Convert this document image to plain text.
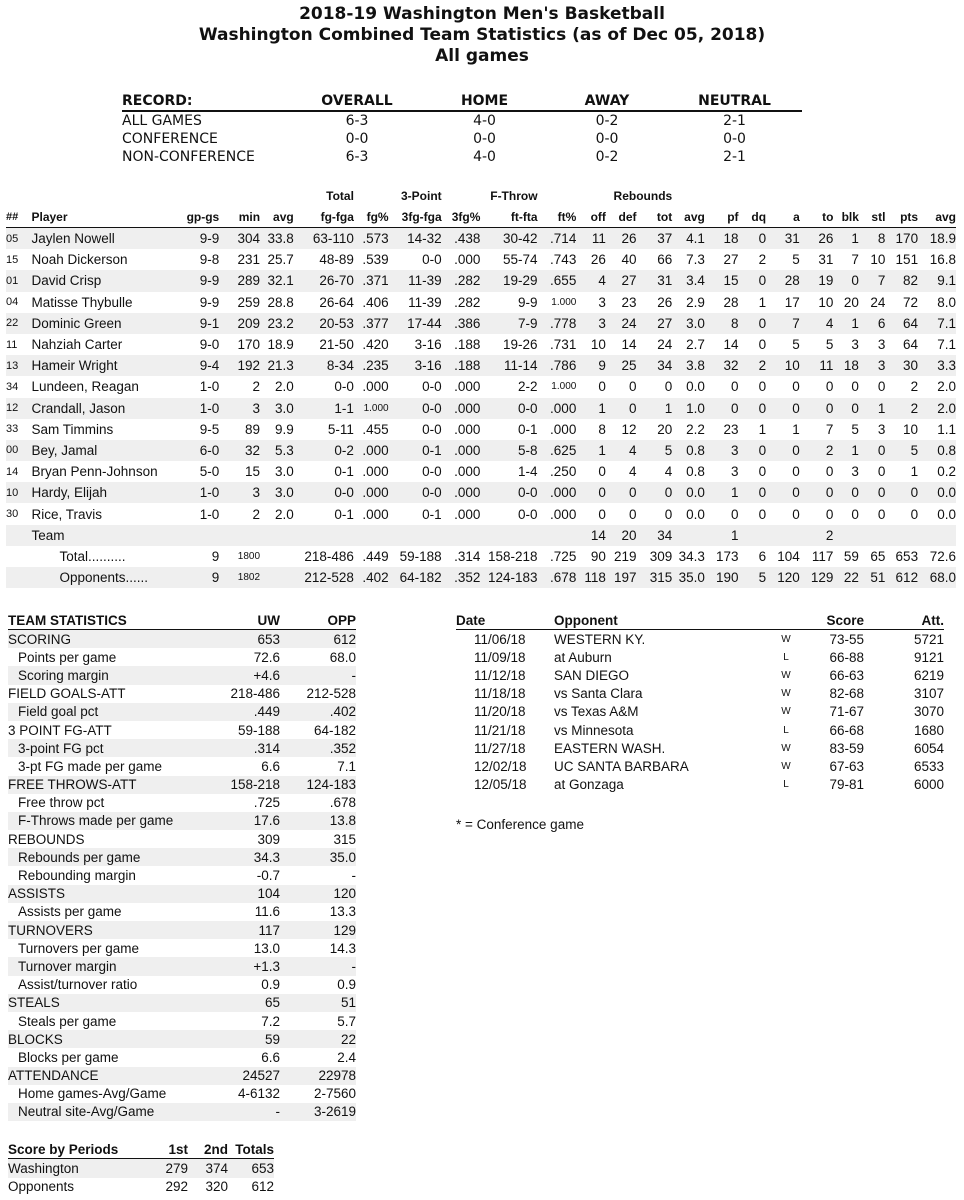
2018-19 Washington Men's Basketball
Washington Combined Team Statistics (as of Dec 05, 2018)
All games
RECORD:	OVERALL	HOME	AWAY	NEUTRAL
ALL GAMES	6-3	4-0	0-2	2-1
CONFERENCE	0-0	0-0	0-0	0-0
NON-CONFERENCE	6-3	4-0	0-2	2-1
					Total		3-Point		F-Throw		Rebounds											
##	Player	gp-gs	min	avg	fg-fga	fg%	3fg-fga	3fg%	ft-fta	ft%	off	def	tot	avg	pf	dq	a	to	blk	stl	pts	avg
05	Jaylen Nowell	9-9	304	33.8	63-110	.573	14-32	.438	30-42	.714	11	26	37	4.1	18	0	31	26	1	8	170	18.9
15	Noah Dickerson	9-8	231	25.7	48-89	.539	0-0	.000	55-74	.743	26	40	66	7.3	27	2	5	31	7	10	151	16.8
01	David Crisp	9-9	289	32.1	26-70	.371	11-39	.282	19-29	.655	4	27	31	3.4	15	0	28	19	0	7	82	9.1
04	Matisse Thybulle	9-9	259	28.8	26-64	.406	11-39	.282	9-9	1.000	3	23	26	2.9	28	1	17	10	20	24	72	8.0
22	Dominic Green	9-1	209	23.2	20-53	.377	17-44	.386	7-9	.778	3	24	27	3.0	8	0	7	4	1	6	64	7.1
11	Nahziah Carter	9-0	170	18.9	21-50	.420	3-16	.188	19-26	.731	10	14	24	2.7	14	0	5	5	3	3	64	7.1
13	Hameir Wright	9-4	192	21.3	8-34	.235	3-16	.188	11-14	.786	9	25	34	3.8	32	2	10	11	18	3	30	3.3
34	Lundeen, Reagan	1-0	2	2.0	0-0	.000	0-0	.000	2-2	1.000	0	0	0	0.0	0	0	0	0	0	0	2	2.0
12	Crandall, Jason	1-0	3	3.0	1-1	1.000	0-0	.000	0-0	.000	1	0	1	1.0	0	0	0	0	0	1	2	2.0
33	Sam Timmins	9-5	89	9.9	5-11	.455	0-0	.000	0-1	.000	8	12	20	2.2	23	1	1	7	5	3	10	1.1
00	Bey, Jamal	6-0	32	5.3	0-2	.000	0-1	.000	5-8	.625	1	4	5	0.8	3	0	0	2	1	0	5	0.8
14	Bryan Penn-Johnson	5-0	15	3.0	0-1	.000	0-0	.000	1-4	.250	0	4	4	0.8	3	0	0	0	3	0	1	0.2
10	Hardy, Elijah	1-0	3	3.0	0-0	.000	0-0	.000	0-0	.000	0	0	0	0.0	1	0	0	0	0	0	0	0.0
30	Rice, Travis	1-0	2	2.0	0-1	.000	0-1	.000	0-0	.000	0	0	0	0.0	0	0	0	0	0	0	0	0.0
	Team										14	20	34		1			2				
	Total..........	9	1800		218-486	.449	59-188	.314	158-218	.725	90	219	309	34.3	173	6	104	117	59	65	653	72.6
	Opponents......	9	1802		212-528	.402	64-182	.352	124-183	.678	118	197	315	35.0	190	5	120	129	22	51	612	68.0
TEAM STATISTICS	UW	OPP
SCORING	653	612
Points per game	72.6	68.0
Scoring margin	+4.6	-
FIELD GOALS-ATT	218-486	212-528
Field goal pct	.449	.402
3 POINT FG-ATT	59-188	64-182
3-point FG pct	.314	.352
3-pt FG made per game	6.6	7.1
FREE THROWS-ATT	158-218	124-183
Free throw pct	.725	.678
F-Throws made per game	17.6	13.8
REBOUNDS	309	315
Rebounds per game	34.3	35.0
Rebounding margin	-0.7	-
ASSISTS	104	120
Assists per game	11.6	13.3
TURNOVERS	117	129
Turnovers per game	13.0	14.3
Turnover margin	+1.3	-
Assist/turnover ratio	0.9	0.9
STEALS	65	51
Steals per game	7.2	5.7
BLOCKS	59	22
Blocks per game	6.6	2.4
ATTENDANCE	24527	22978
Home games-Avg/Game	4-6132	2-7560
Neutral site-Avg/Game	-	3-2619
Date	Opponent		Score	Att.
11/06/18	WESTERN KY.	W	73-55	5721
11/09/18	at Auburn	L	66-88	9121
11/12/18	SAN DIEGO	W	66-63	6219
11/18/18	vs Santa Clara	W	82-68	3107
11/20/18	vs Texas A&M	W	71-67	3070
11/21/18	vs Minnesota	L	66-68	1680
11/27/18	EASTERN WASH.	W	83-59	6054
12/02/18	UC SANTA BARBARA	W	67-63	6533
12/05/18	at Gonzaga	L	79-81	6000
* = Conference game
Score by Periods	1st	2nd	Totals
Washington	279	374	653
Opponents	292	320	612
